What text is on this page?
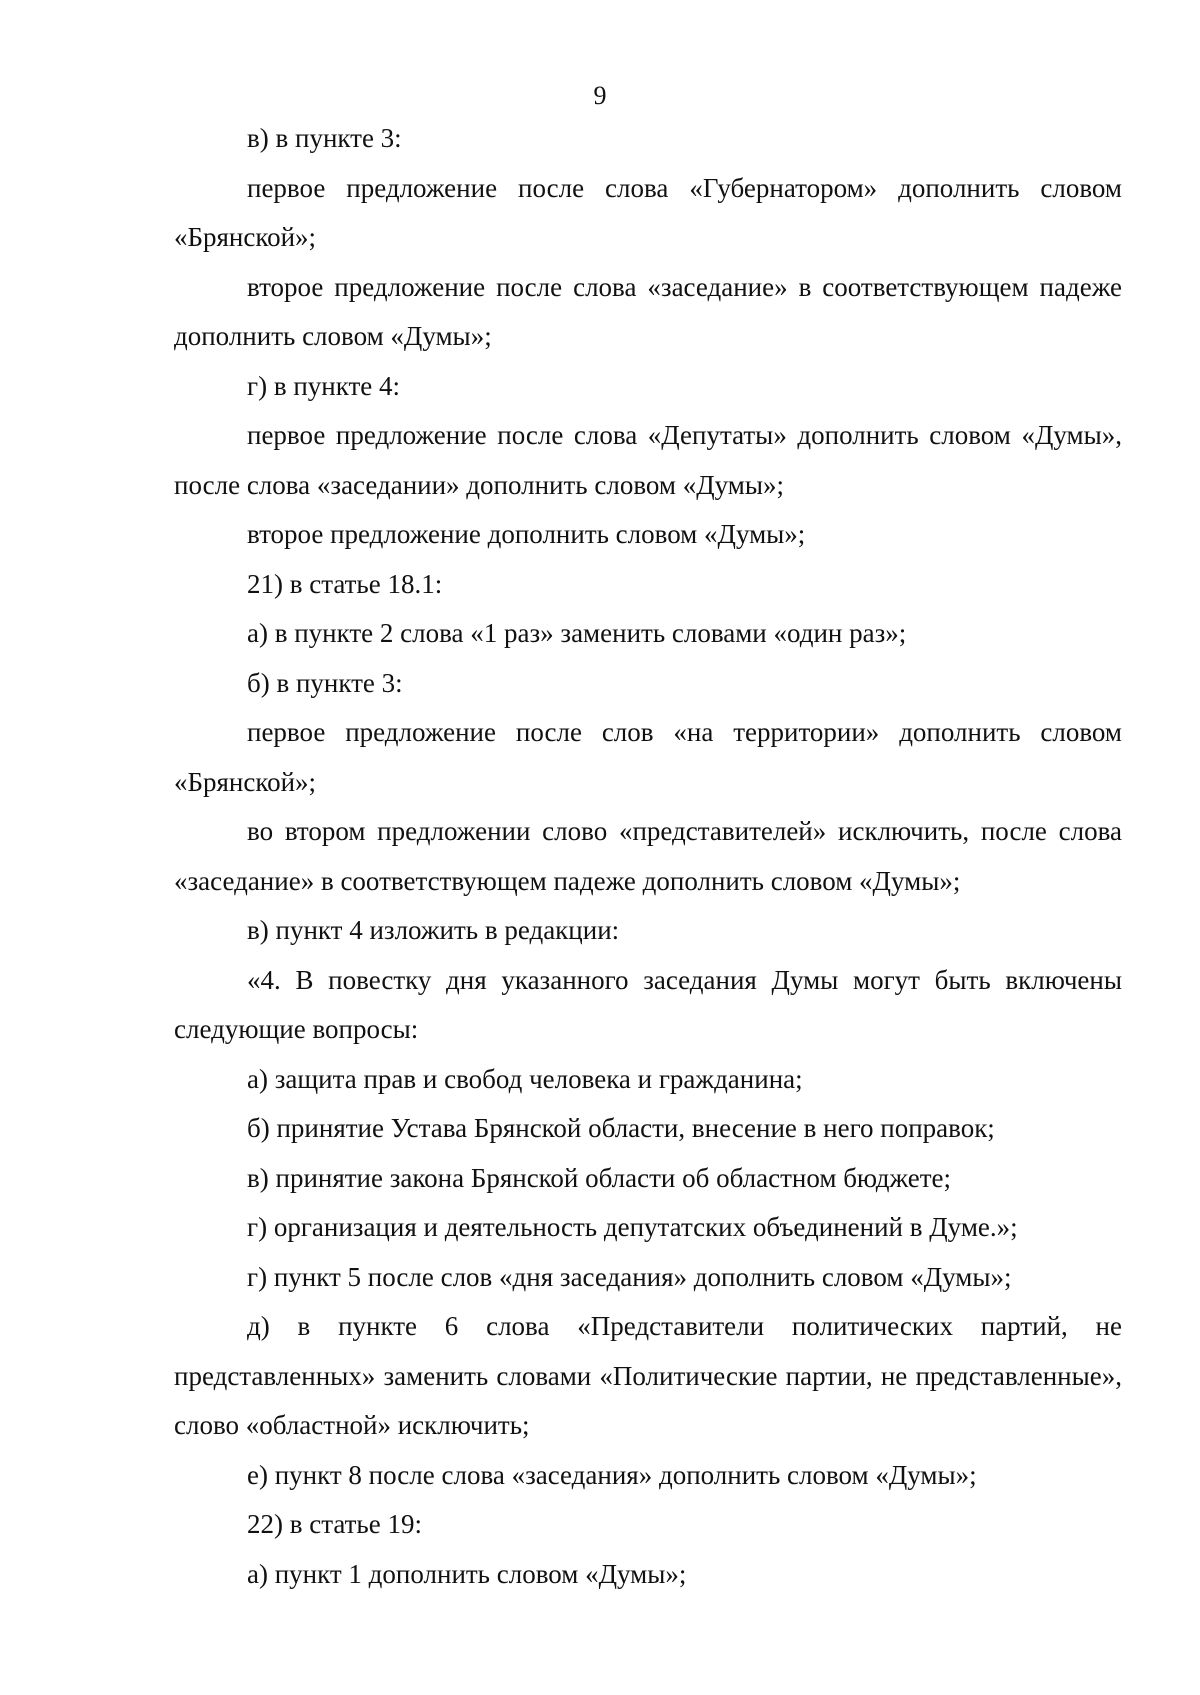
9

в) в пункте 3:

первое предложение после слова «Губернатором» дополнить словом «Брянской»;

второе предложение после слова «заседание» в соответствующем падеже дополнить словом «Думы»;

г) в пункте 4:

первое предложение после слова «Депутаты» дополнить словом «Думы», после слова «заседании» дополнить словом «Думы»;

второе предложение дополнить словом «Думы»;

21) в статье 18.1:

а) в пункте 2 слова «1 раз» заменить словами «один раз»;

б) в пункте 3:

первое предложение после слов «на территории» дополнить словом «Брянской»;

во втором предложении слово «представителей» исключить, после слова «заседание» в соответствующем падеже дополнить словом «Думы»;

в) пункт 4 изложить в редакции:

«4. В повестку дня указанного заседания Думы могут быть включены следующие вопросы:

а) защита прав и свобод человека и гражданина;

б) принятие Устава Брянской области, внесение в него поправок;

в) принятие закона Брянской области об областном бюджете;

г) организация и деятельность депутатских объединений в Думе.»;

г) пункт 5 после слов «дня заседания» дополнить словом «Думы»;

д) в пункте 6 слова «Представители политических партий, не представленных» заменить словами «Политические партии, не представленные», слово «областной» исключить;

е) пункт 8 после слова «заседания» дополнить словом «Думы»;

22) в статье 19:

а) пункт 1 дополнить словом «Думы»;
